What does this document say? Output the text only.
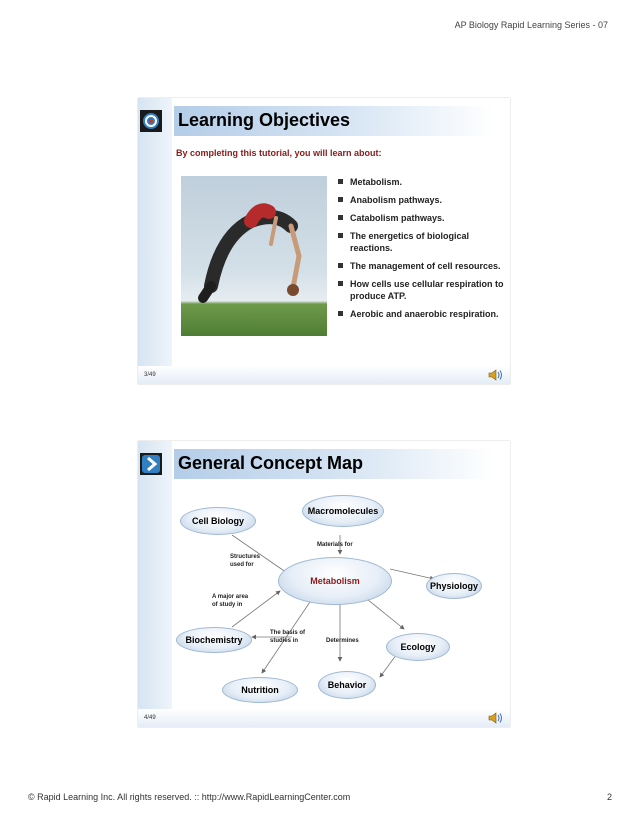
AP Biology Rapid Learning Series - 07
Learning Objectives
By completing this tutorial, you will learn about:
Metabolism.
Anabolism pathways.
Catabolism pathways.
The energetics of biological reactions.
The management of cell resources.
How cells use cellular respiration to produce ATP.
Aerobic and anaerobic respiration.
3/49
General Concept Map
Macromolecules
Cell Biology
Metabolism	Physiology
Biochemistry
Ecology
Nutrition	Behavior
Materials for
Structures
used for
A major area
of study in
The basis of
studies in	Determines
4/49
© Rapid Learning Inc. All rights reserved. :: http://www.RapidLearningCenter.com	2
